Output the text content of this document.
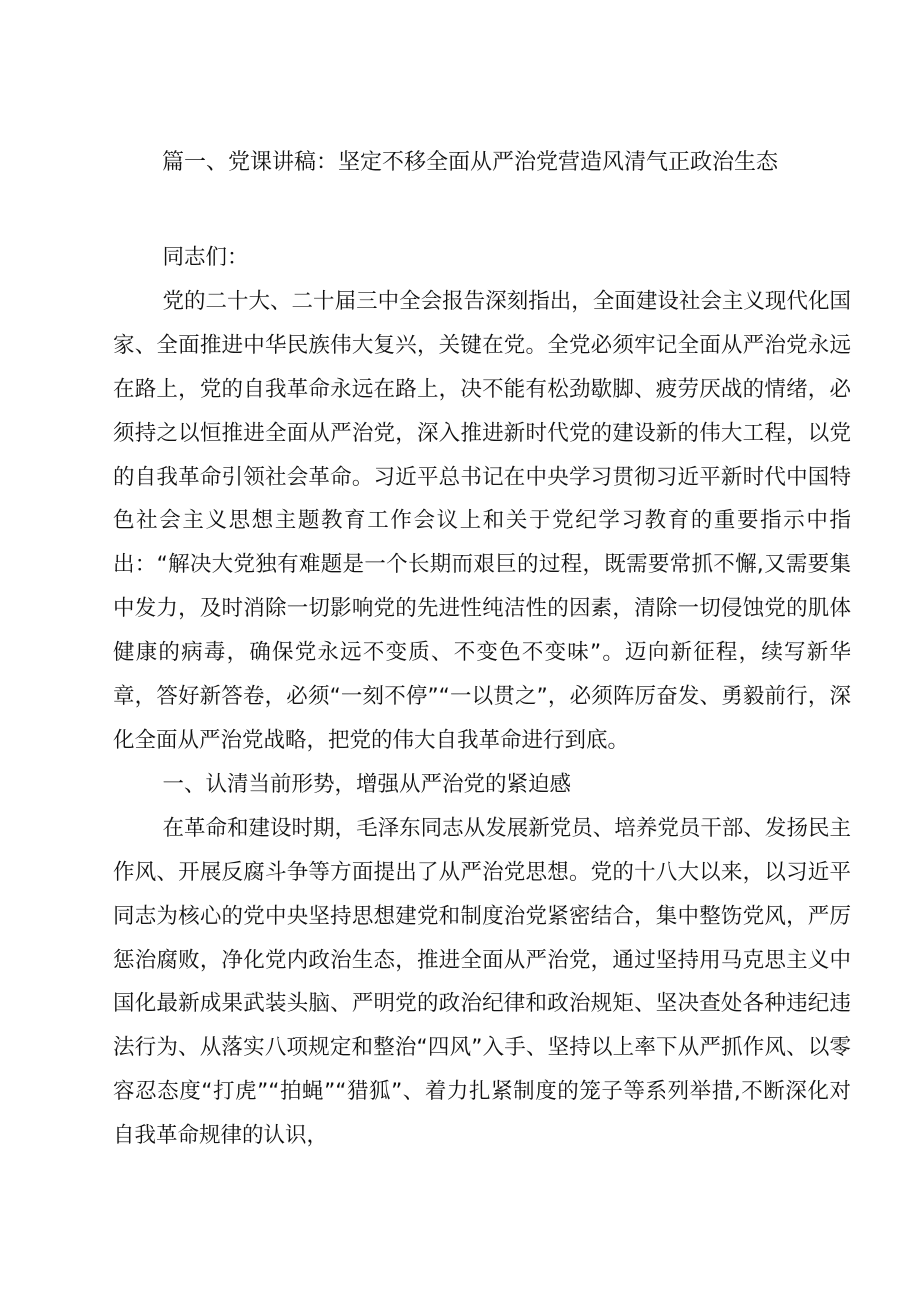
篇一、党课讲稿：坚定不移全面从严治党营造风清气正政治生态

同志们：

党的二十大、二十届三中全会报告深刻指出，全面建设社会主义现代化国家、全面推进中华民族伟大复兴，关键在党。全党必须牢记全面从严治党永远在路上，党的自我革命永远在路上，决不能有松劲歇脚、疲劳厌战的情绪，必须持之以恒推进全面从严治党，深入推进新时代党的建设新的伟大工程，以党的自我革命引领社会革命。习近平总书记在中央学习贯彻习近平新时代中国特色社会主义思想主题教育工作会议上和关于党纪学习教育的重要指示中指出：“解决大党独有难题是一个长期而艰巨的过程，既需要常抓不懈,又需要集中发力，及时消除一切影响党的先进性纯洁性的因素，清除一切侵蚀党的肌体健康的病毒，确保党永远不变质、不变色不变味”。迈向新征程，续写新华章，答好新答卷，必须“一刻不停”“一以贯之”，必须阵厉奋发、勇毅前行，深化全面从严治党战略，把党的伟大自我革命进行到底。

一、认清当前形势，增强从严治党的紧迫感

在革命和建设时期，毛泽东同志从发展新党员、培养党员干部、发扬民主作风、开展反腐斗争等方面提出了从严治党思想。党的十八大以来，以习近平同志为核心的党中央坚持思想建党和制度治党紧密结合，集中整饬党风，严厉惩治腐败，净化党内政治生态，推进全面从严治党，通过坚持用马克思主义中国化最新成果武装头脑、严明党的政治纪律和政治规矩、坚决查处各种违纪违法行为、从落实八项规定和整治“四风”入手、坚持以上率下从严抓作风、以零容忍态度“打虎”“拍蝇”“猎狐”、着力扎紧制度的笼子等系列举措,不断深化对自我革命规律的认识，
